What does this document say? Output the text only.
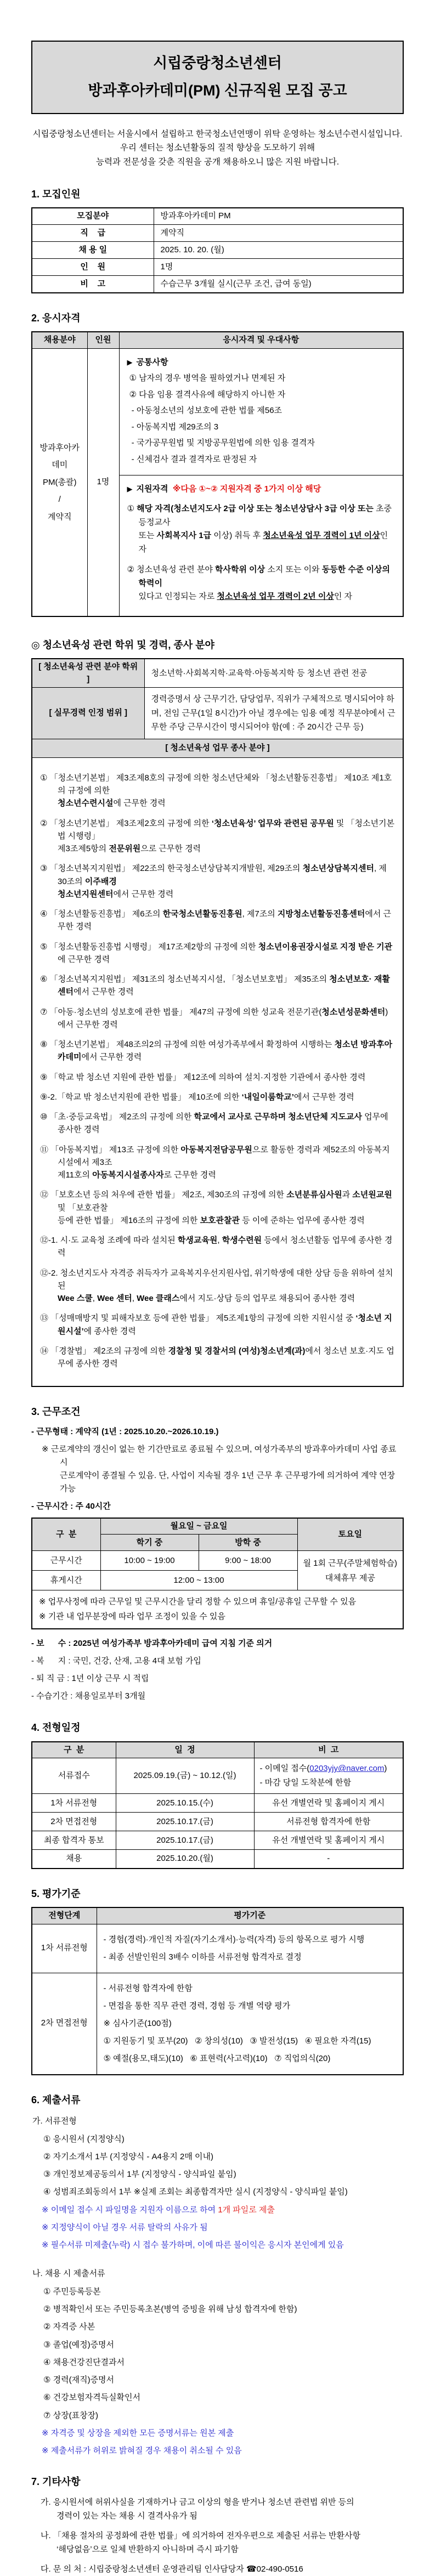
시립중랑청소년센터
방과후아카데미(PM) 신규직원 모집 공고

시립중랑청소년센터는 서울시에서 설립하고 한국청소년연맹이 위탁 운영하는 청소년수련시설입니다.
우리 센터는 청소년활동의 질적 향상을 도모하기 위해
능력과 전문성을 갖춘 직원을 공개 채용하오니 많은 지원 바랍니다.

1. 모집인원
모집분야	방과후아카데미 PM
직    급	계약직
채 용 일	2025. 10. 20. (월)
인    원	1명
비    고	수습근무 3개월 실시(근무 조건, 급여 동일)
2. 응시자격
채용분야	인원	응시자격 및 우대사항

방과후아카데미
PM(총괄)
/
계약직
	1명	

▶ 공통사항

① 남자의 경우 병역을 필하였거나 면제된 자

② 다음 임용 결격사유에 해당하지 아니한 자

- 아동청소년의 성보호에 관한 법률 제56조

- 아동복지법 제29조의 3

- 국가공무원법 및 지방공무원법에 의한 임용 결격자

- 신체검사 결과 결격자로 판정된 자

		▶ 지원자격 ※다음 ①~② 지원자격 중 1가지 이상 해당

① 해당 자격(청소년지도사 2급 이상 또는 청소년상담사 3급 이상 또는 초중등정교사
또는 사회복지사 1급 이상) 취득 후 청소년육성 업무 경력이 1년 이상인 자

② 청소년육성 관련 분야 학사학위 이상 소지 또는 이와 동등한 수준 이상의 학력이
있다고 인정되는 자로 청소년육성 업무 경력이 2년 이상인 자

◎ 청소년육성 관련 학위 및 경력, 종사 분야
[ 청소년육성 관련 분야 학위 ]	청소년학·사회복지학·교육학·아동복지학 등 청소년 관련 전공
[ 실무경력 인정 범위 ]	경력증명서 상 근무기간, 담당업무, 직위가 구체적으로 명시되어야 하며, 전임 근무(1일 8시간)가 아닐 경우에는 임용 예정 직무분야에서 근무한 주당 근무시간이 명시되어야 함(예 : 주 20시간 근무 등)
[ 청소년육성 업무 종사 분야 ]	

① 「청소년기본법」 제3조제8호의 규정에 의한 청소년단체와 「청소년활동진흥법」 제10조 제1호의 규정에 의한
청소년수련시설에 근무한 경력

② 「청소년기본법」 제3조제2호의 규정에 의한 ‘청소년육성’ 업무와 관련된 공무원 및 「청소년기본법 시행령」
제3조제5항의 전문위원으로 근무한 경력

③ 「청소년복지지원법」 제22조의 한국청소년상담복지개발원, 제29조의 청소년상담복지센터, 제30조의 이주배경
청소년지원센터에서 근무한 경력

④ 「청소년활동진흥법」 제6조의 한국청소년활동진흥원, 제7조의 지방청소년활동진흥센터에서 근무한 경력

⑤ 「청소년활동진흥법 시행령」 제17조제2항의 규정에 의한 청소년이용권장시설로 지정 받은 기관에 근무한 경력

⑥ 「청소년복지지원법」 제31조의 청소년복지시설, 「청소년보호법」 제35조의 청소년보호· 재활센터에서 근무한 경력

⑦ 「아동·청소년의 성보호에 관한 법률」 제47의 규정에 의한 성교육 전문기관(청소년성문화센터)에서 근무한 경력

⑧ 「청소년기본법」 제48조의2의 규정에 의한 여성가족부에서 확정하여 시행하는 청소년 방과후아카데미에서 근무한 경력

⑨ 「학교 밖 청소년 지원에 관한 법률」 제12조에 의하여 설치·지정한 기관에서 종사한 경력

⑨-2.「학교 밖 청소년지원에 관한 법률」 제10조에 의한 ‘내일이룸학교’에서 근무한 경력

⑩ 「초·중등교육법」 제2조의 규정에 의한 학교에서 교사로 근무하며 청소년단체 지도교사 업무에 종사한 경력

⑪ 「아동복지법」 제13조 규정에 의한 아동복지전담공무원으로 활동한 경력과 제52조의 아동복지시설에서 제3조
제11호의 아동복지시설종사자로 근무한 경력

⑫ 「보호소년 등의 처우에 관한 법률」 제2조, 제30조의 규정에 의한 소년분류심사원과 소년원교원 및 「보호관찰
등에 관한 법률」 제16조의 규정에 의한 보호관찰관 등 이에 준하는 업무에 종사한 경력

⑫-1. 시·도 교육청 조례에 따라 설치된 학생교육원, 학생수련원 등에서 청소년활동 업무에 종사한 경력

⑫-2. 청소년지도사 자격증 취득자가 교육복지우선지원사업, 위기학생에 대한 상담 등을 위하여 설치된
Wee 스쿨, Wee 센터, Wee 클래스에서 지도·상담 등의 업무로 채용되어 종사한 경력

⑬ 「성매매방지 및 피해자보호 등에 관한 법률」 제5조제1항의 규정에 의한 지원시설 중 ‘청소년 지원시설’에 종사한 경력

⑭ 「경찰법」 제2조의 규정에 의한 경찰청 및 경찰서의 (여성)청소년계(과)에서 청소년 보호·지도 업무에 종사한 경력

3. 근무조건

- 근무형태 : 계약직 (1년 : 2025.10.20.~2026.10.19.)

※ 근로계약의 갱신이 없는 한 기간만료로 종료될 수 있으며, 여성가족부의 방과후아카데미 사업 종료 시
근로계약이 종결될 수 있음. 단, 사업이 지속될 경우 1년 근무 후 근무평가에 의거하여 계약 연장 가능

- 근무시간 : 주 40시간

구  분	월요일 ~ 금요일		토요일
	학기 중	방학 중	
근무시간	10:00 ~ 19:00	9:00 ~ 18:00	월 1회 근무(주말체험학습) 대체휴무 제공
휴게시간	12:00 ~ 13:00		

※ 업무사정에 따라 근무일 및 근무시간을 달리 정할 수 있으며 휴일/공휴일 근무할 수 있음

※ 기관 내 업무분장에 따라 업무 조정이 있을 수 있음			

- 보      수 : 2025년 여성가족부 방과후아카데미 급여 지침 기준 의거

- 복      지 : 국민, 건강, 산재, 고용 4대 보험 가입

- 퇴 직 금 : 1년 이상 근무 시 적립

- 수습기간 : 채용일로부터 3개월

4. 전형일정
구  분	일  정	비  고
서류접수	2025.09.19.(금) ~ 10.12.(일)	- 이메일 접수(0203yjy@naver.com)

- 마감 당일 도착분에 한함

1차 서류전형	2025.10.15.(수)	유선 개별연락 및 홈페이지 게시
2차 면접전형	2025.10.17.(금)	서류전형 합격자에 한함
최종 합격자 통보	2025.10.17.(금)	유선 개별연락 및 홈페이지 게시
채용	2025.10.20.(월)	-
5. 평가기준
전형단계	평가기준
1차 서류전형	- 경험(경력)·개인적 자질(자기소개서)·능력(자격) 등의 항목으로 평가 시행

- 최종 선발인원의 3배수 이하를 서류전형 합격자로 결정

2차 면접전형	- 서류전형 합격자에 한함

- 면접을 통한 직무 관련 경력, 경험 등 개별 역량 평가

※ 심사기준(100점)

① 지원동기 및 포부(20)   ② 창의성(10)   ③ 발전성(15)   ④ 필요한 자격(15)

⑤ 예절(용모,태도)(10)   ⑥ 표현력(사고력)(10)   ⑦ 직업의식(20)

6. 제출서류

가. 서류전형

① 응시원서 (지정양식)

② 자기소개서 1부 (지정양식 - A4용지 2매 이내)

③ 개인정보제공동의서 1부 (지정양식 - 양식파일 붙임)

④ 성범죄조회동의서 1부 ※실제 조회는 최종합격자만 실시 (지정양식 - 양식파일 붙임)

※ 이메일 접수 시 파일명을 지원자 이름으로 하여 1개 파일로 제출

※ 지정양식이 아닐 경우 서류 탈락의 사유가 됨

※ 필수서류 미제출(누락) 시 접수 불가하며, 이에 따른 불이익은 응시자 본인에게 있음

나. 채용 시 제출서류

① 주민등록등본

② 병적확인서 또는 주민등록초본(병역 증빙을 위해 남성 합격자에 한함)

② 자격증 사본

③ 졸업(예정)증명서

④ 채용건강진단결과서

⑤ 경력(재직)증명서

⑥ 건강보험자격득실확인서

⑦ 상장(표창장)

※ 자격증 및 상장을 제외한 모든 증명서류는 원본 제출

※ 제출서류가 허위로 밝혀질 경우 채용이 취소될 수 있음

7. 기타사항

가. 응시원서에 허위사실을 기재하거나 금고 이상의 형을 받거나 청소년 관련법 위반 등의
경력이 있는 자는 채용 시 결격사유가 됨

나. 「채용 절차의 공정화에 관한 법률」에 의거하여 전자우편으로 제출된 서류는 반환사항
‘해당없음’으로 일체 반환하지 아니하며 즉시 파기함

다. 문 의 처 : 시립중랑청소년센터 운영관리팀 인사담당자 ☎02-490-0516
